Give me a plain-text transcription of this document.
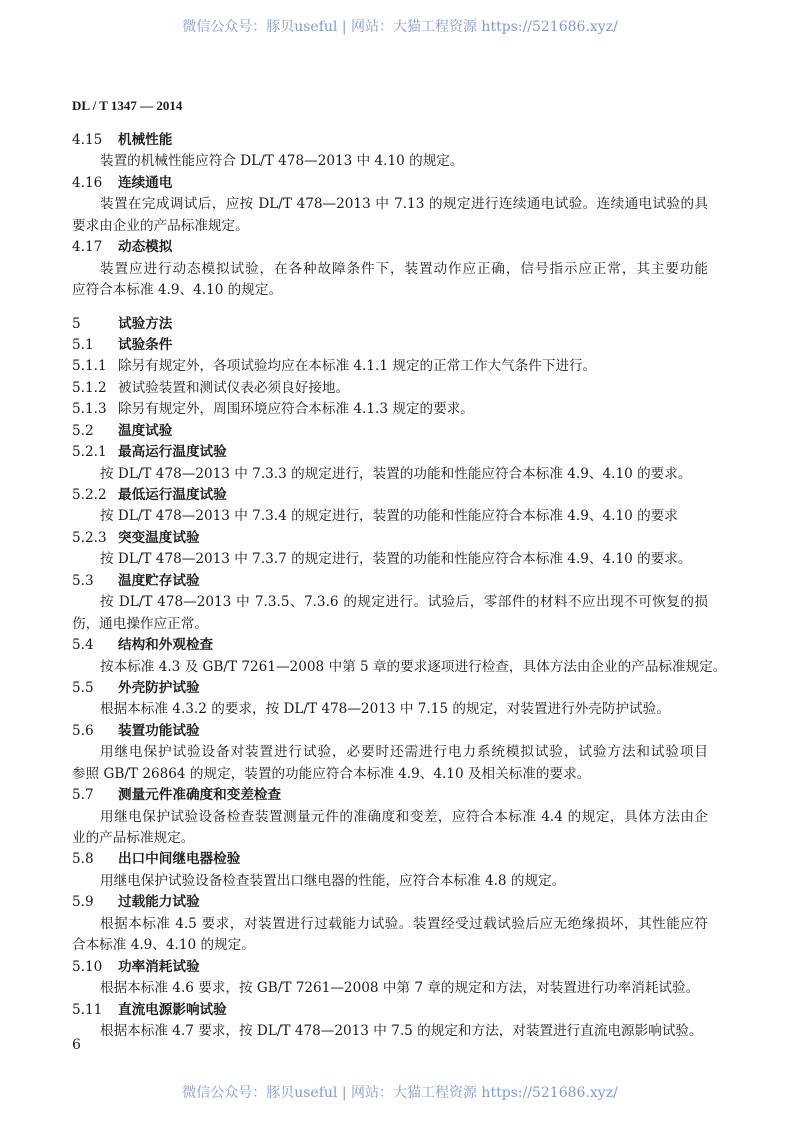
微信公众号：豚贝useful | 网站：大猫工程资源 https://521686.xyz/
DL / T 1347 — 2014
4.15 机械性能
装置的机械性能应符合 DL/T 478—2013 中 4.10 的规定。
4.16 连续通电
装置在完成调试后，应按 DL/T 478—2013 中 7.13 的规定进行连续通电试验。连续通电试验的具
要求由企业的产品标准规定。
4.17 动态模拟
装置应进行动态模拟试验，在各种故障条件下，装置动作应正确，信号指示应正常，其主要功能
应符合本标准 4.9、4.10 的规定。
5	试验方法
5.1 试验条件
5.1.1 除另有规定外，各项试验均应在本标准 4.1.1 规定的正常工作大气条件下进行。
5.1.2 被试验装置和测试仪表必须良好接地。
5.1.3 除另有规定外，周围环境应符合本标准 4.1.3 规定的要求。
5.2 温度试验
5.2.1 最高运行温度试验
按 DL/T 478—2013 中 7.3.3 的规定进行，装置的功能和性能应符合本标准 4.9、4.10 的要求。
5.2.2 最低运行温度试验
按 DL/T 478—2013 中 7.3.4 的规定进行，装置的功能和性能应符合本标准 4.9、4.10 的要求
5.2.3 突变温度试验
按 DL/T 478—2013 中 7.3.7 的规定进行，装置的功能和性能应符合本标准 4.9、4.10 的要求。
5.3 温度贮存试验
按 DL/T 478—2013 中 7.3.5、7.3.6 的规定进行。试验后，零部件的材料不应出现不可恢复的损
伤，通电操作应正常。
5.4 结构和外观检查
按本标准 4.3 及 GB/T 7261—2008 中第 5 章的要求逐项进行检查，具体方法由企业的产品标准规定。
5.5 外壳防护试验
根据本标准 4.3.2 的要求，按 DL/T 478—2013 中 7.15 的规定，对装置进行外壳防护试验。
5.6 装置功能试验
用继电保护试验设备对装置进行试验，必要时还需进行电力系统模拟试验，试验方法和试验项目
参照 GB/T 26864 的规定，装置的功能应符合本标准 4.9、4.10 及相关标准的要求。
5.7 测量元件准确度和变差检查
用继电保护试验设备检查装置测量元件的准确度和变差，应符合本标准 4.4 的规定，具体方法由企
业的产品标准规定。
5.8 出口中间继电器检验
用继电保护试验设备检查装置出口继电器的性能，应符合本标准 4.8 的规定。
5.9 过载能力试验
根据本标准 4.5 要求，对装置进行过载能力试验。装置经受过载试验后应无绝缘损坏，其性能应符
合本标准 4.9、4.10 的规定。
5.10 功率消耗试验
根据本标准 4.6 要求，按 GB/T 7261—2008 中第 7 章的规定和方法，对装置进行功率消耗试验。
5.11 直流电源影响试验
根据本标准 4.7 要求，按 DL/T 478—2013 中 7.5 的规定和方法，对装置进行直流电源影响试验。
6
微信公众号：豚贝useful | 网站：大猫工程资源 https://521686.xyz/
